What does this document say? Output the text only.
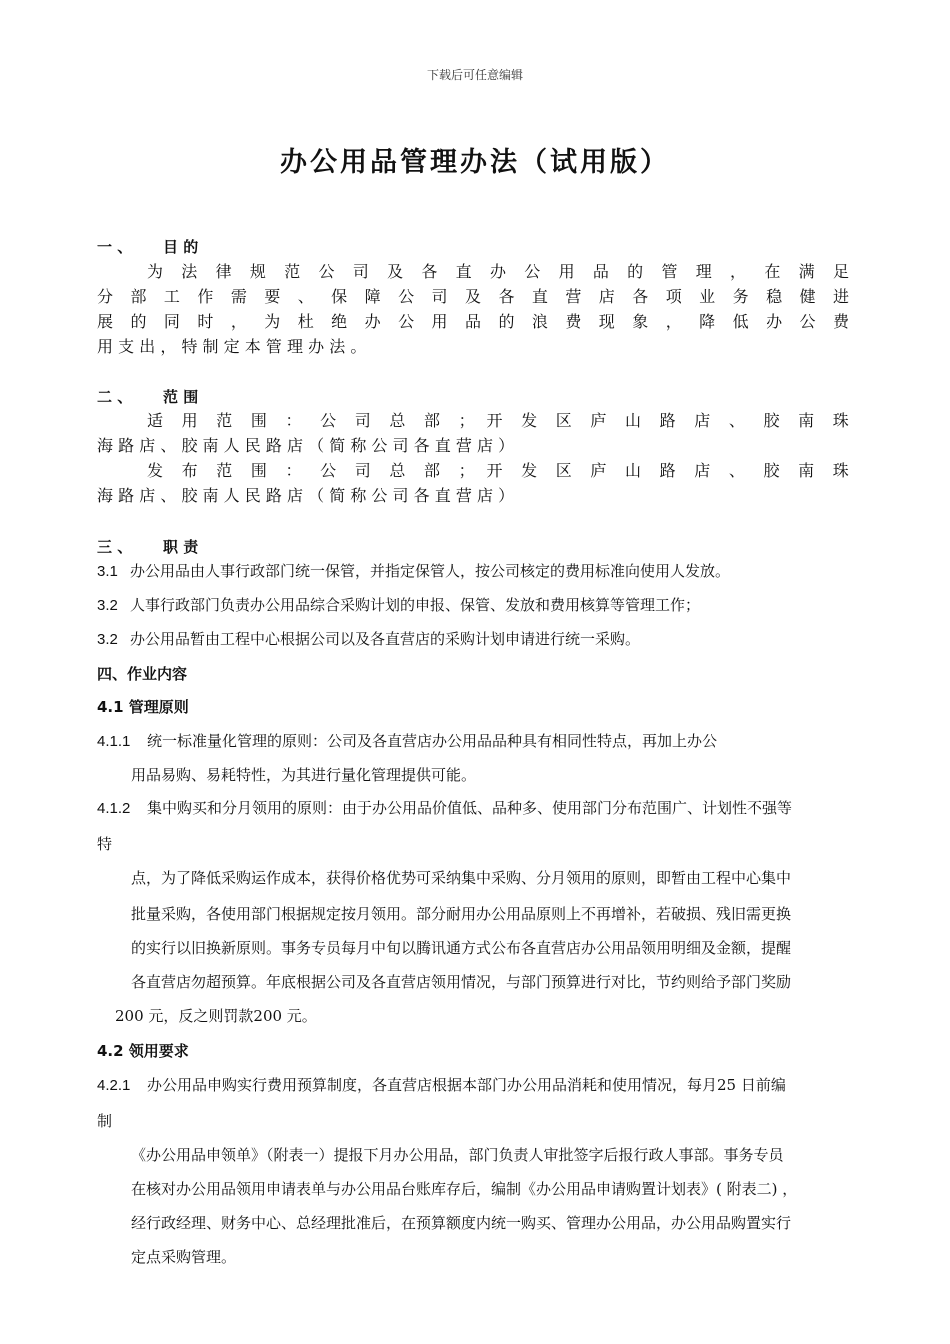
下载后可任意编辑
办公用品管理办法（试用版）
一 、 目 的
为 法 律 规 范 公 司 及 各 直 办 公 用 品 的 管 理 ， 在 满 足
分 部 工 作 需 要 、 保 障 公 司 及 各 直 营 店 各 项 业 务 稳 健 进
展 的 同 时 ， 为 杜 绝 办 公 用 品 的 浪 费 现 象 ， 降 低 办 公 费
用 支 出 ， 特 制 定 本 管 理 办 法 。
二 、 范 围
适 用 范 围 ： 公 司 总 部 ； 开 发 区 庐 山 路 店 、 胶 南 珠
海 路 店 、 胶 南 人 民 路 店 （ 简 称 公 司 各 直 营 店 ）
发 布 范 围 ： 公 司 总 部 ； 开 发 区 庐 山 路 店 、 胶 南 珠
海 路 店 、 胶 南 人 民 路 店 （ 简 称 公 司 各 直 营 店 ）
三 、 职 责
3.1 办公用品由人事行政部门统一保管，并指定保管人，按公司核定的费用标准向使用人发放。
3.2 人事行政部门负责办公用品综合采购计划的申报、保管、发放和费用核算等管理工作；
3.2 办公用品暂由工程中心根据公司以及各直营店的采购计划申请进行统一采购。
四、作业内容
4.1 管理原则
4.1.1 统一标准量化管理的原则：公司及各直营店办公用品品种具有相同性特点，再加上办公
用品易购、易耗特性，为其进行量化管理提供可能。
4.1.2 集中购买和分月领用的原则：由于办公用品价值低、品种多、使用部门分布范围广、计划性不强等
特
点，为了降低采购运作成本，获得价格优势可采纳集中采购、分月领用的原则，即暂由工程中心集中
批量采购，各使用部门根据规定按月领用。部分耐用办公用品原则上不再增补，若破损、残旧需更换
的实行以旧换新原则。事务专员每月中旬以腾讯通方式公布各直营店办公用品领用明细及金额，提醒
各直营店勿超预算。年底根据公司及各直营店领用情况，与部门预算进行对比，节约则给予部门奖励
200 元，反之则罚款200 元。
4.2 领用要求
4.2.1 办公用品申购实行费用预算制度，各直营店根据本部门办公用品消耗和使用情况，每月25 日前编
制
《办公用品申领单》（附表一）提报下月办公用品，部门负责人审批签字后报行政人事部。事务专员
在核对办公用品领用申请表单与办公用品台账库存后，编制《办公用品申请购置计划表》( 附表二) ，
经行政经理、财务中心、总经理批准后，在预算额度内统一购买、管理办公用品，办公用品购置实行
定点采购管理。
